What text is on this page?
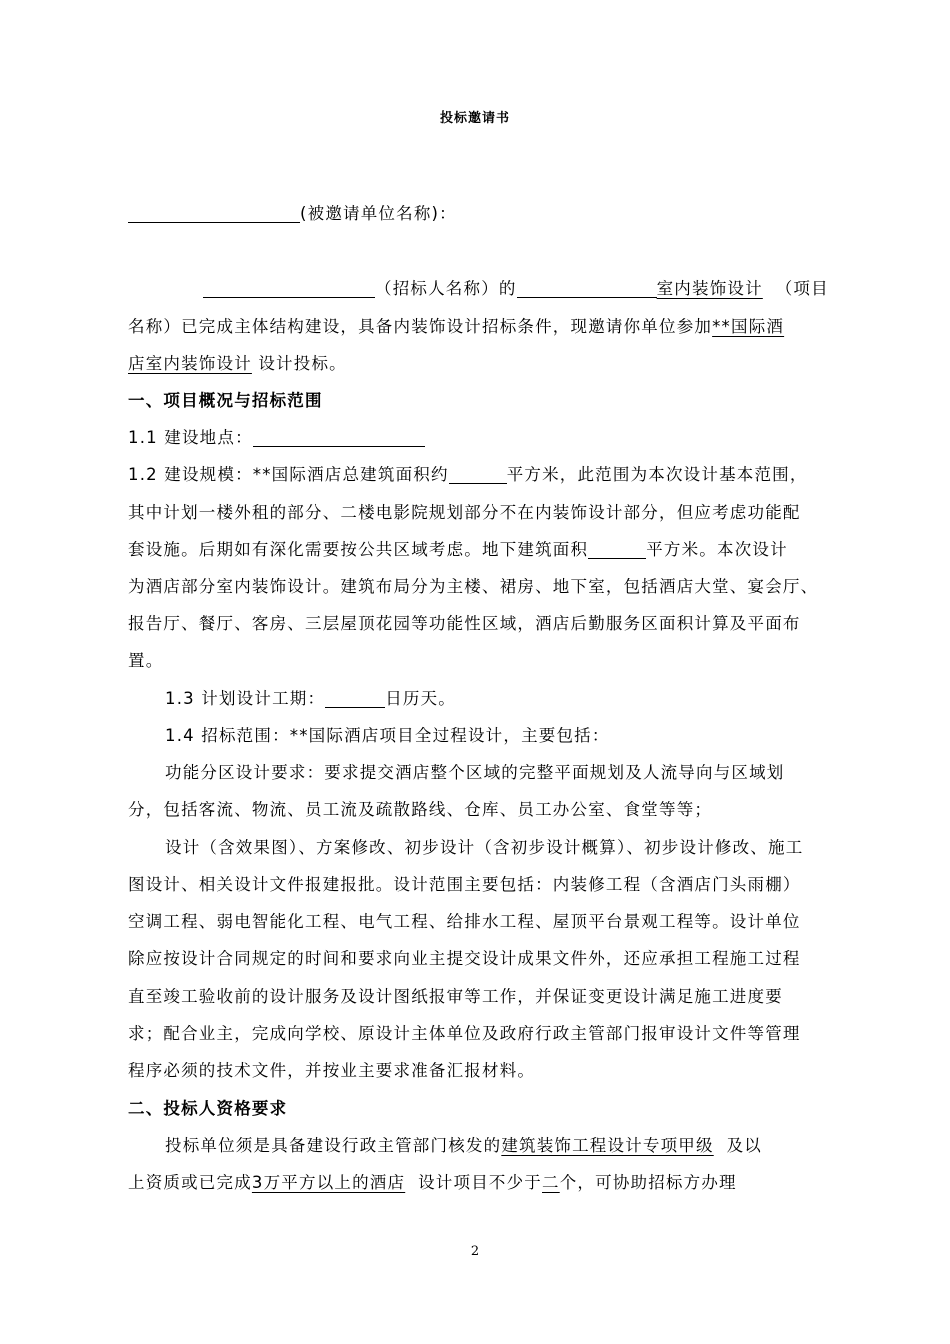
投标邀请书
(被邀请单位名称)：
（招标人名称）的	室内装饰设计 （项目
名称）已完成主体结构建设，具备内装饰设计招标条件，现邀请你单位参加**国际酒
店室内装饰设计 设计投标。
一、项目概况与招标范围
1.1 建设地点：
1.2 建设规模：**国际酒店总建筑面积约	平方米，此范围为本次设计基本范围，
其中计划一楼外租的部分、二楼电影院规划部分不在内装饰设计部分，但应考虑功能配
套设施。后期如有深化需要按公共区域考虑。地下建筑面积	平方米。本次设计
为酒店部分室内装饰设计。建筑布局分为主楼、裙房、地下室，包括酒店大堂、宴会厅、
报告厅、餐厅、客房、三层屋顶花园等功能性区域，酒店后勤服务区面积计算及平面布
置。
1.3 计划设计工期：	日历天。
1.4 招标范围：**国际酒店项目全过程设计，主要包括：
功能分区设计要求：要求提交酒店整个区域的完整平面规划及人流导向与区域划
分，包括客流、物流、员工流及疏散路线、仓库、员工办公室、食堂等等；
设计（含效果图）、方案修改、初步设计（含初步设计概算）、初步设计修改、施工
图设计、相关设计文件报建报批。设计范围主要包括：内装修工程（含酒店门头雨棚）
空调工程、弱电智能化工程、电气工程、给排水工程、屋顶平台景观工程等。设计单位
除应按设计合同规定的时间和要求向业主提交设计成果文件外，还应承担工程施工过程
直至竣工验收前的设计服务及设计图纸报审等工作，并保证变更设计满足施工进度要
求；配合业主，完成向学校、原设计主体单位及政府行政主管部门报审设计文件等管理
程序必须的技术文件，并按业主要求准备汇报材料。
二、投标人资格要求
投标单位须是具备建设行政主管部门核发的建筑装饰工程设计专项甲级 及以
上资质或已完成3万平方以上的酒店 设计项目不少于二个，可协助招标方办理
2
